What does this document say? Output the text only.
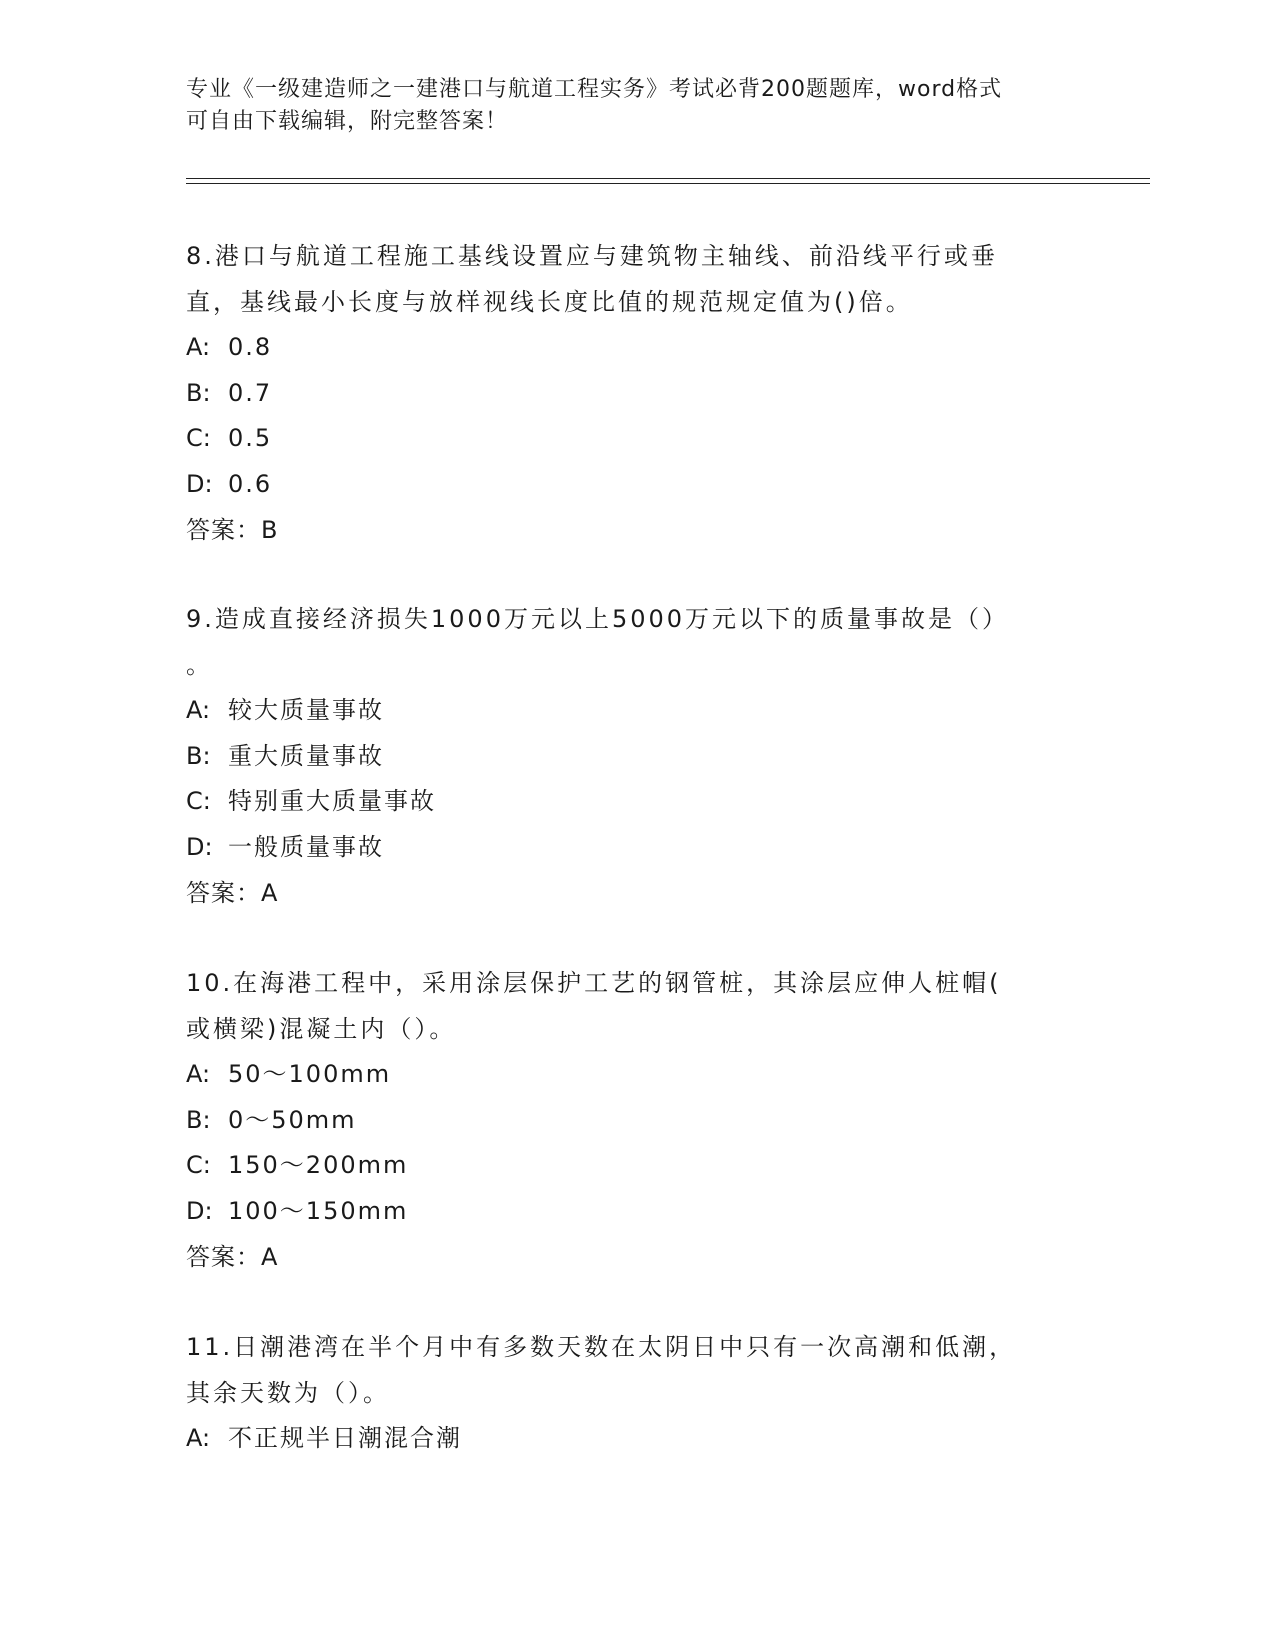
专业《一级建造师之一建港口与航道工程实务》考试必背200题题库，word格式
可自由下载编辑，附完整答案！
8.港口与航道工程施工基线设置应与建筑物主轴线、前沿线平行或垂
直，基线最小长度与放样视线长度比值的规范规定值为()倍。
A: 0.8
B: 0.7
C: 0.5
D: 0.6
答案：B
9.造成直接经济损失1000万元以上5000万元以下的质量事故是（）
。
A: 较大质量事故
B: 重大质量事故
C: 特别重大质量事故
D: 一般质量事故
答案：A
10.在海港工程中，采用涂层保护工艺的钢管桩，其涂层应伸人桩帽(
或横梁)混凝土内（）。
A: 50～100mm
B: 0～50mm
C: 150～200mm
D: 100～150mm
答案：A
11.日潮港湾在半个月中有多数天数在太阴日中只有一次高潮和低潮，
其余天数为（）。
A: 不正规半日潮混合潮
